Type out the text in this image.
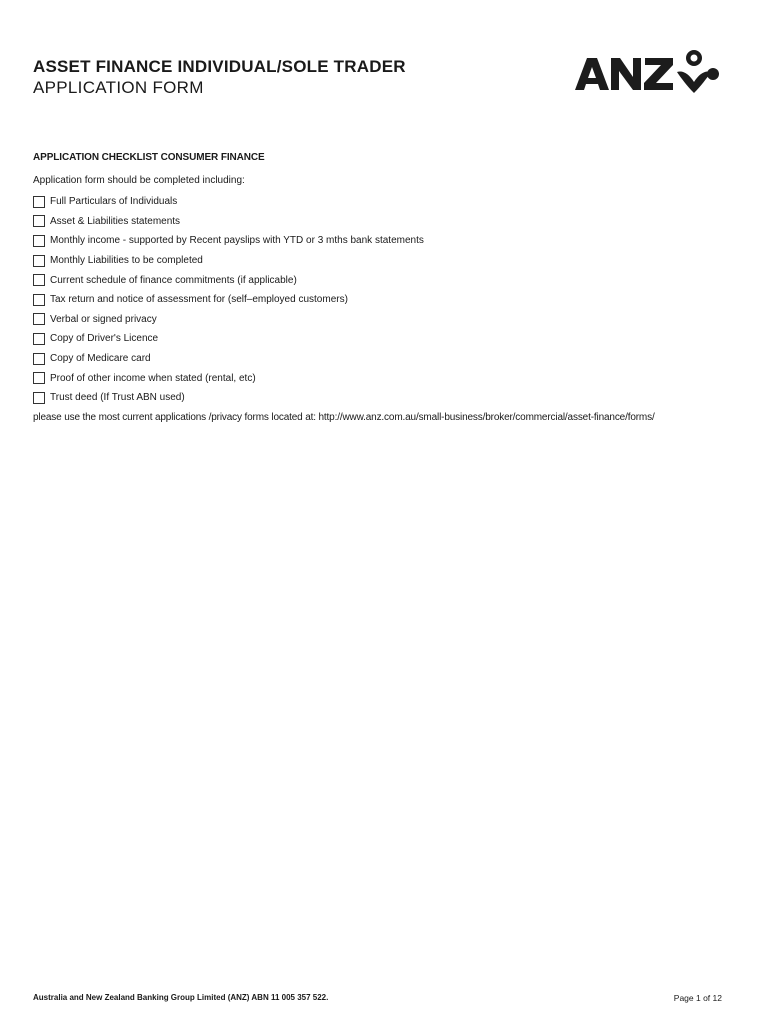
ASSET FINANCE INDIVIDUAL/SOLE TRADER
APPLICATION FORM
APPLICATION CHECKLIST CONSUMER FINANCE
Application form should be completed including:
Full Particulars of Individuals
Asset & Liabilities statements
Monthly income - supported by Recent payslips with YTD or 3 mths bank statements
Monthly Liabilities to be completed
Current schedule of finance commitments (if applicable)
Tax return and notice of assessment for (self–employed customers)
Verbal or signed privacy
Copy of Driver's Licence
Copy of Medicare card
Proof of other income when stated (rental, etc)
Trust deed (If Trust ABN used)
please use the most current applications /privacy forms located at: http://www.anz.com.au/small-business/broker/commercial/asset-finance/forms/
Australia and New Zealand Banking Group Limited (ANZ) ABN 11 005 357 522.	Page 1 of 12
